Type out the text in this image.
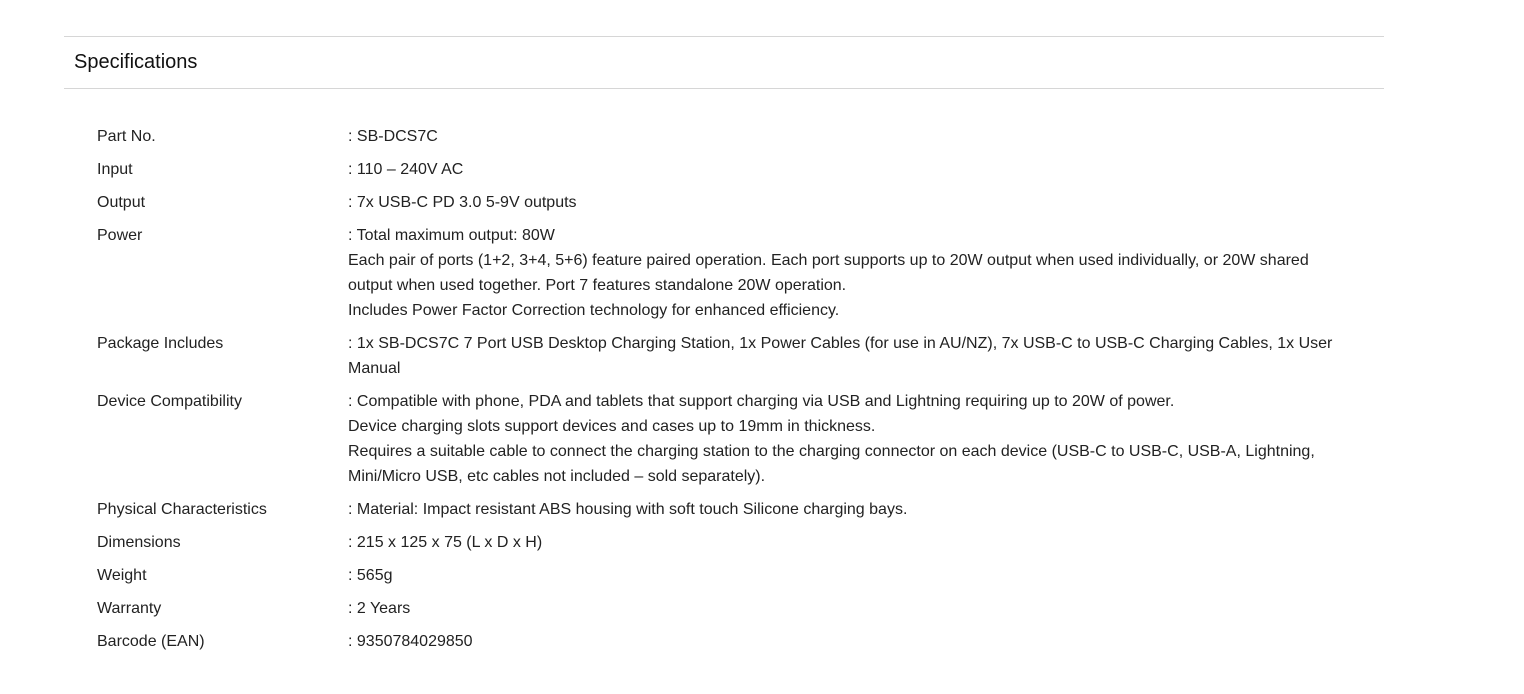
Specifications
Part No.	: SB-DCS7C
Input	: 110 – 240V AC
Output	: 7x USB-C PD 3.0 5-9V outputs
Power	: Total maximum output: 80W
Each pair of ports (1+2, 3+4, 5+6) feature paired operation. Each port supports up to 20W output when used individually, or 20W shared output when used together. Port 7 features standalone 20W operation.
Includes Power Factor Correction technology for enhanced efficiency.
Package Includes	: 1x SB-DCS7C 7 Port USB Desktop Charging Station, 1x Power Cables (for use in AU/NZ), 7x USB-C to USB-C Charging Cables, 1x User Manual
Device Compatibility	: Compatible with phone, PDA and tablets that support charging via USB and Lightning requiring up to 20W of power.
Device charging slots support devices and cases up to 19mm in thickness.
Requires a suitable cable to connect the charging station to the charging connector on each device (USB-C to USB-C, USB-A, Lightning, Mini/Micro USB, etc cables not included – sold separately).
Physical Characteristics	: Material: Impact resistant ABS housing with soft touch Silicone charging bays.
Dimensions	: 215 x 125 x 75 (L x D x H)
Weight	: 565g
Warranty	: 2 Years
Barcode (EAN)	: 9350784029850
